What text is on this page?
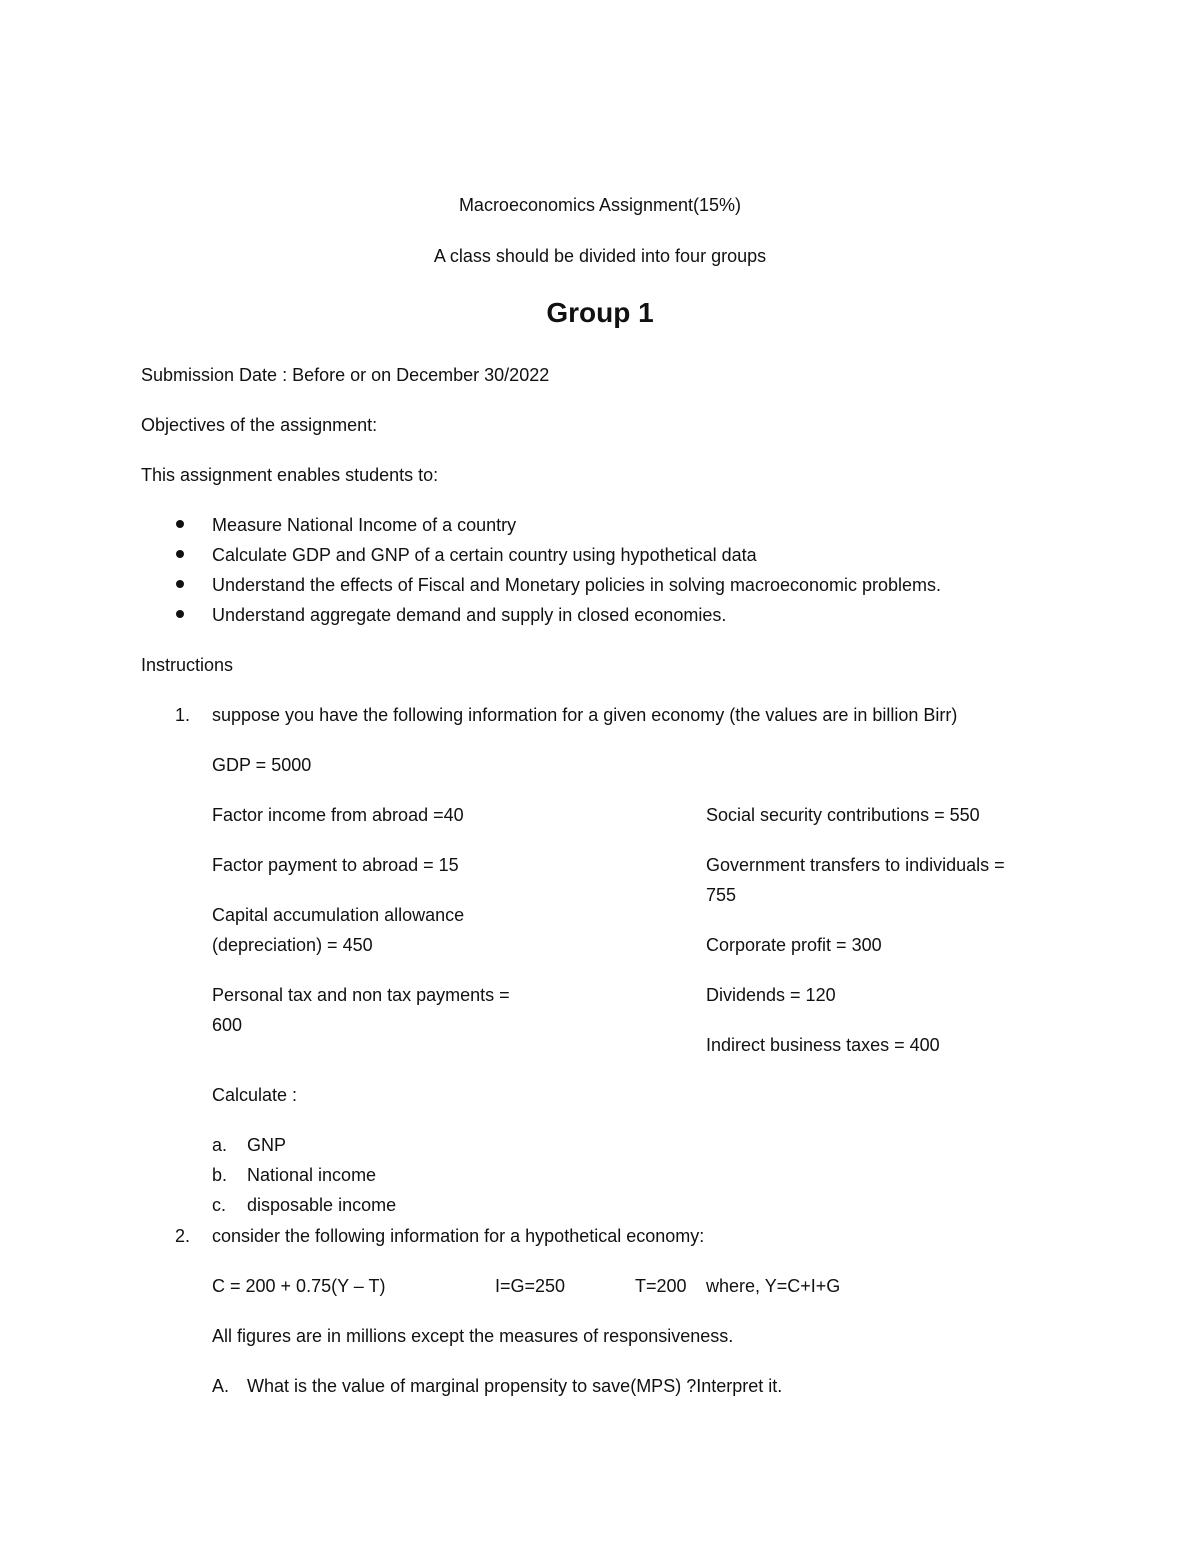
Macroeconomics Assignment(15%)
A class should be divided into four groups
Group 1
Submission Date : Before or on December 30/2022
Objectives of the assignment:
This assignment enables students to:
Measure National Income of a country
Calculate GDP and GNP of a certain country using hypothetical data
Understand the effects of Fiscal and Monetary policies in solving macroeconomic problems.
Understand aggregate demand and supply in closed economies.
Instructions
1. suppose you have the following information for a given economy (the values are in billion Birr)
GDP = 5000
Factor income from abroad =40
Factor payment to abroad = 15
Capital accumulation allowance
(depreciation) = 450
Personal tax and non tax payments =
600
Social security contributions = 550
Government transfers to individuals =
755
Corporate profit = 300
Dividends = 120
Indirect business taxes = 400
Calculate :
a. GNP
b. National income
c. disposable income
2. consider the following information for a hypothetical economy:
C = 200 + 0.75(Y – T)	I=G=250	T=200 where, Y=C+I+G
All figures are in millions except the measures of responsiveness.
A. What is the value of marginal propensity to save(MPS) ?Interpret it.
